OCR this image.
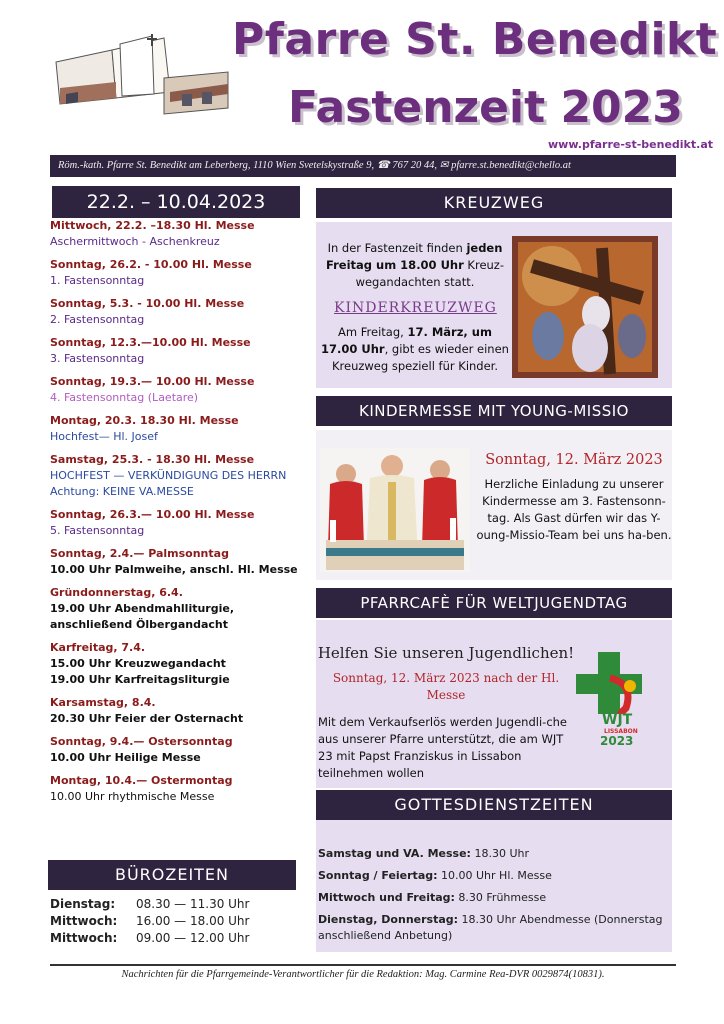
Pfarre St. Benedikt
Fastenzeit 2023
www.pfarre-st-benedikt.at
Röm.-kath. Pfarre St. Benedikt am Leberberg, 1110 Wien Svetelskystraße 9, ☎ 767 20 44, ✉ pfarre.st.benedikt@chello.at
22.2. – 10.04.2023
Mittwoch, 22.2. –18.30 Hl. Messe
Aschermittwoch - Aschenkreuz
Sonntag, 26.2. - 10.00 Hl. Messe
1. Fastensonntag
Sonntag, 5.3. - 10.00 Hl. Messe
2. Fastensonntag
Sonntag, 12.3.—10.00 Hl. Messe
3. Fastensonntag
Sonntag, 19.3.— 10.00 Hl. Messe
4. Fastensonntag (Laetare)
Montag, 20.3. 18.30 Hl. Messe
Hochfest— Hl. Josef
Samstag, 25.3. - 18.30 Hl. Messe
HOCHFEST — VERKÜNDIGUNG DES HERRN
Achtung: KEINE VA.MESSE
Sonntag, 26.3.— 10.00 Hl. Messe
5. Fastensonntag
Sonntag, 2.4.— Palmsonntag
10.00 Uhr Palmweihe, anschl. Hl. Messe
Gründonnerstag, 6.4.
19.00 Uhr Abendmahlliturgie,
anschließend Ölbergandacht
Karfreitag, 7.4.
15.00 Uhr Kreuzwegandacht
19.00 Uhr Karfreitagsliturgie
Karsamstag, 8.4.
20.30 Uhr Feier der Osternacht
Sonntag, 9.4.— Ostersonntag
10.00 Uhr Heilige Messe
Montag, 10.4.— Ostermontag
10.00 Uhr rhythmische Messe
BÜROZEITEN
Dienstag: 08.30 — 11.30 Uhr
Mittwoch: 16.00 — 18.00 Uhr
Mittwoch: 09.00 — 12.00 Uhr
KREUZWEG
In der Fastenzeit finden jeden Freitag um 18.00 Uhr Kreuz-wegandachten statt.
KINDERKREUZWEG
Am Freitag, 17. März, um 17.00 Uhr, gibt es wieder einen Kreuzweg speziell für Kinder.
KINDERMESSE MIT YOUNG-MISSIO
Sonntag, 12. März 2023
Herzliche Einladung zu unserer Kindermesse am 3. Fastensonn-tag. Als Gast dürfen wir das Y-oung-Missio-Team bei uns ha-ben.
PFARRCAFÈ FÜR WELTJUGENDTAG
Helfen Sie unseren Jugendlichen!
Sonntag, 12. März 2023 nach der Hl. Messe
Mit dem Verkaufserlös werden Jugendli-che aus unserer Pfarre unterstützt, die am WJT 23 mit Papst Franziskus in Lissabon teilnehmen wollen
WJT
LISSABON
2023
Samstag und VA. Messe: 18.30 Uhr
Sonntag / Feiertag: 10.00 Uhr Hl. Messe
Mittwoch und Freitag: 8.30 Frühmesse
Dienstag, Donnerstag: 18.30 Uhr Abendmesse (Donnerstag anschließend Anbetung)
GOTTESDIENSTZEITEN
Nachrichten für die Pfarrgemeinde-Verantwortlicher für die Redaktion: Mag. Carmine Rea-DVR 0029874(10831).
